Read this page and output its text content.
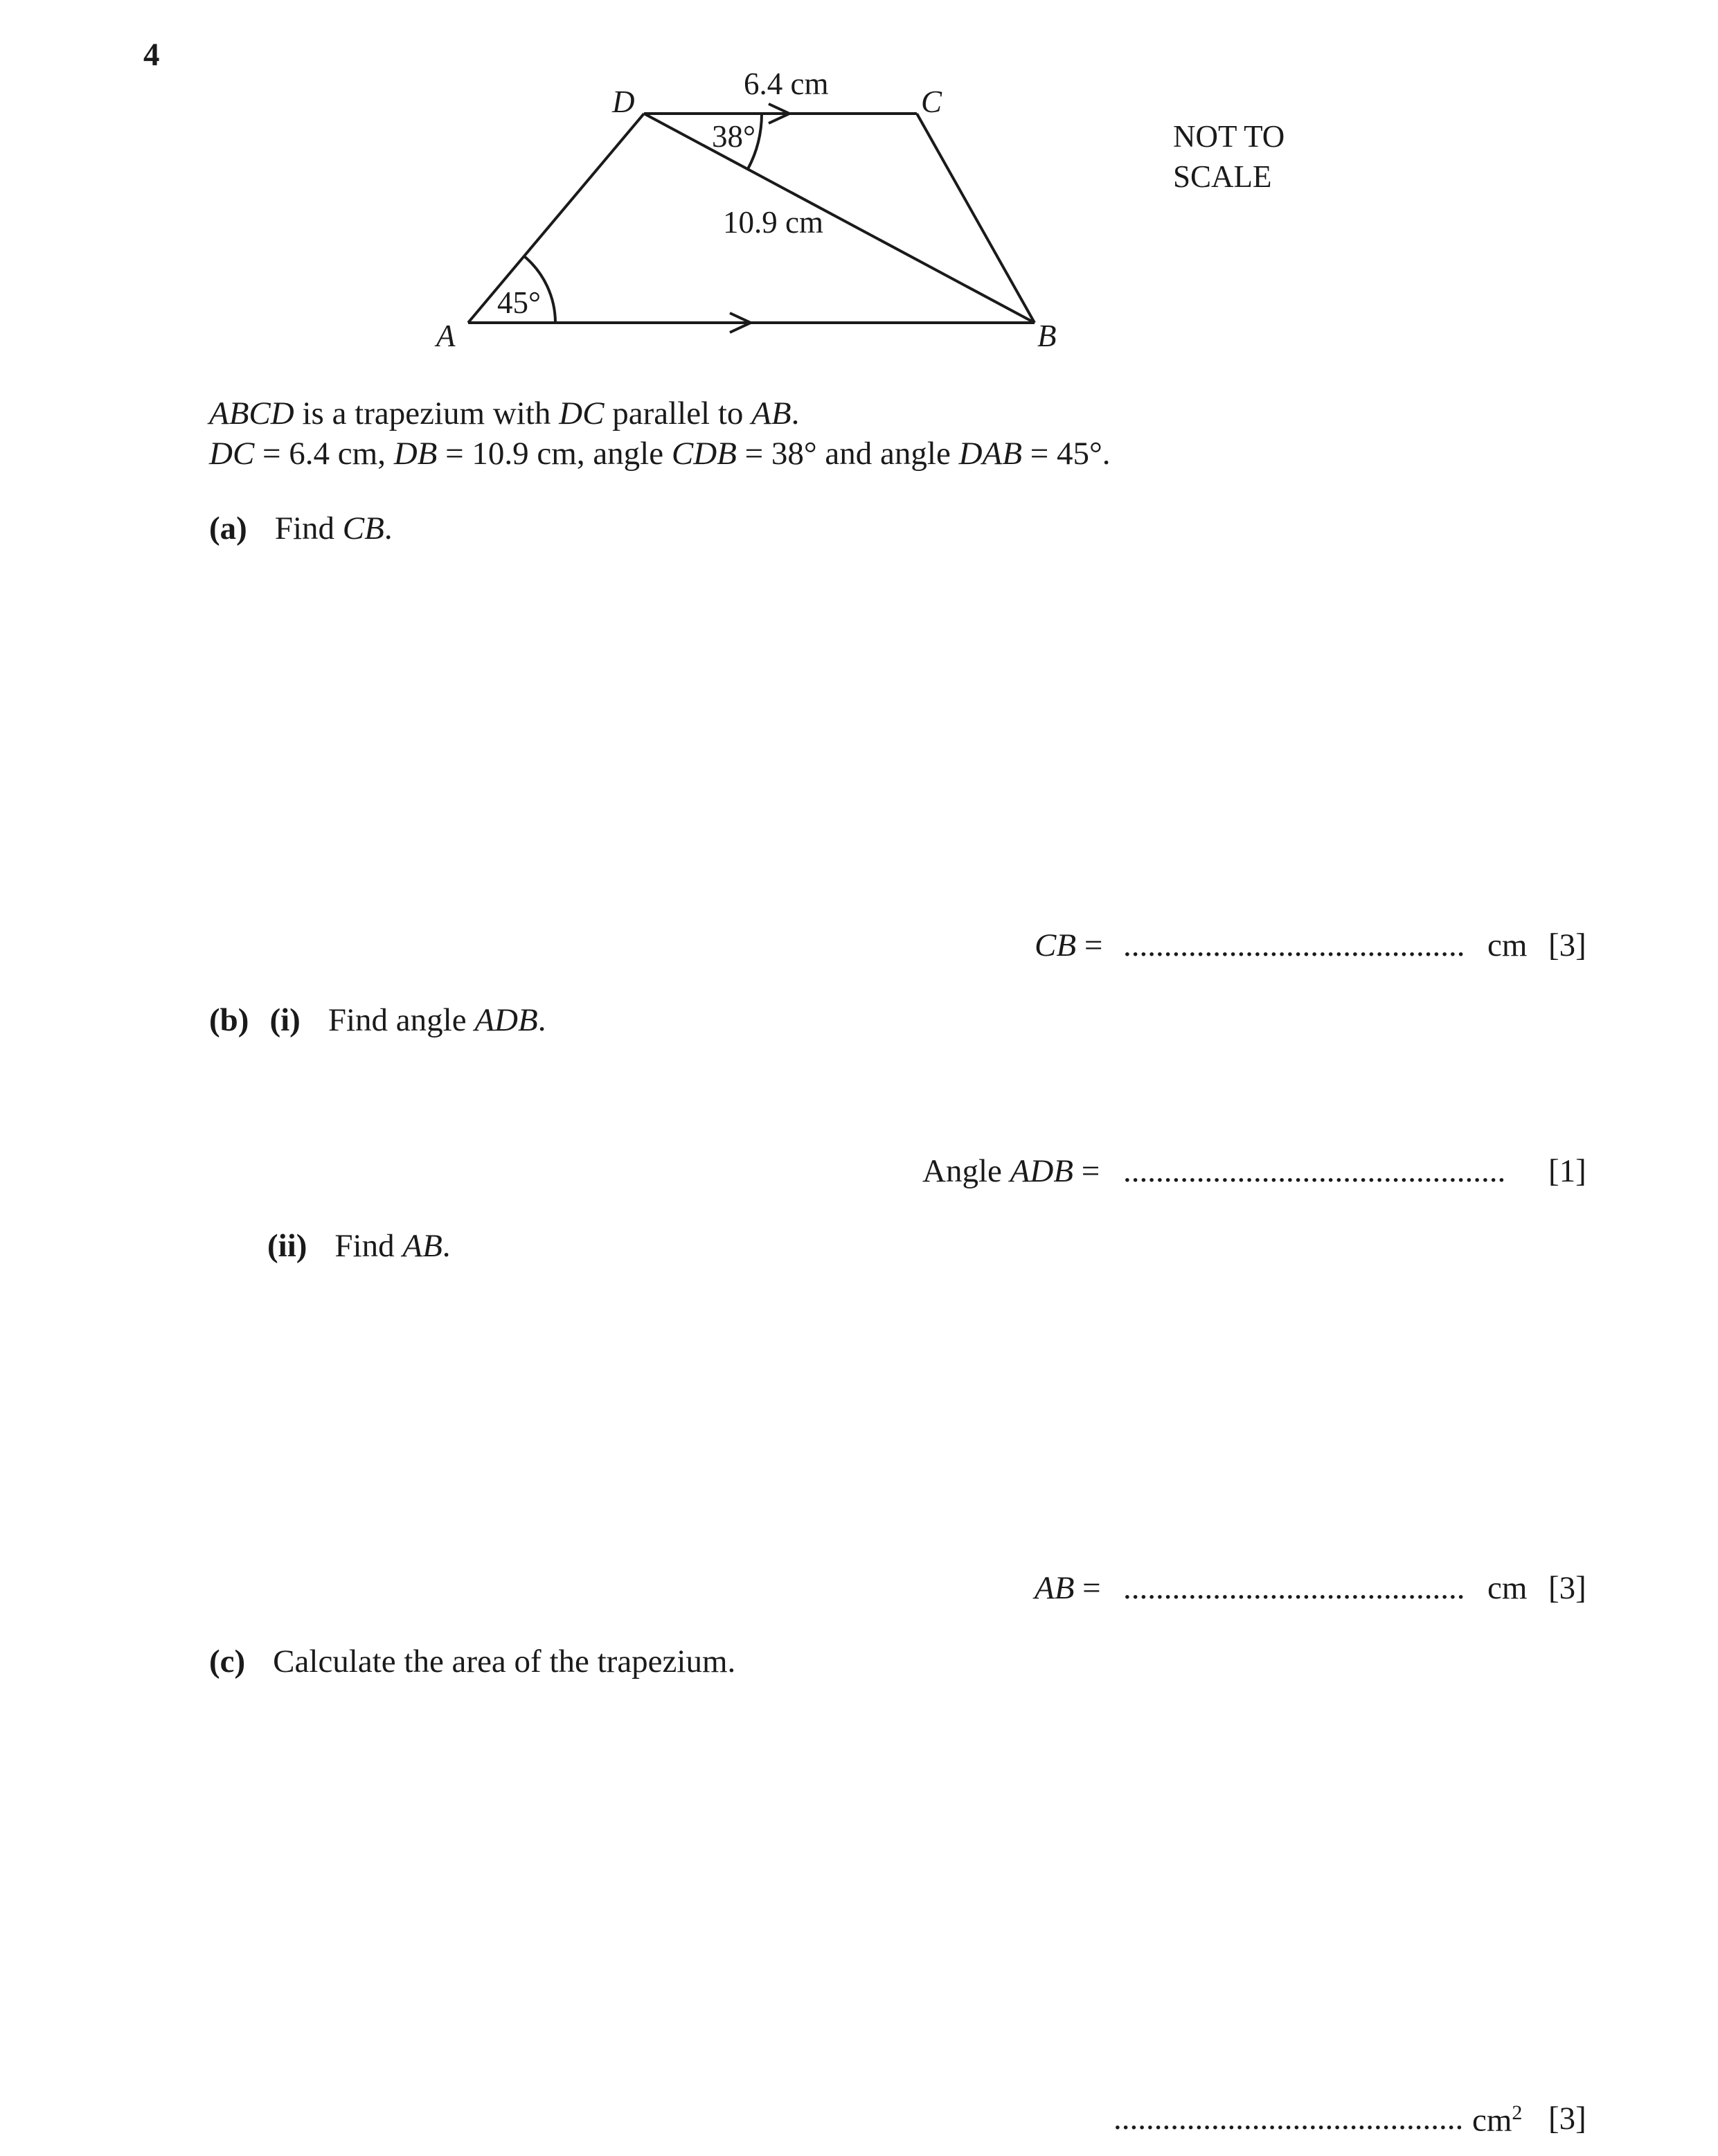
4
D	C
A	B
6.4 cm
38°
10.9 cm
45°
NOT TO
SCALE
ABCD is a trapezium with DC parallel to AB.
DC = 6.4 cm, DB = 10.9 cm, angle CDB = 38° and angle DAB = 45°.
(a) Find CB.
CB = .......................................... cm [3]
(b) (i) Find angle ADB.
Angle ADB = ............................................... [1]
(ii) Find AB.
AB = .......................................... cm [3]
(c) Calculate the area of the trapezium.
........................................... $cm^2$ [3]
